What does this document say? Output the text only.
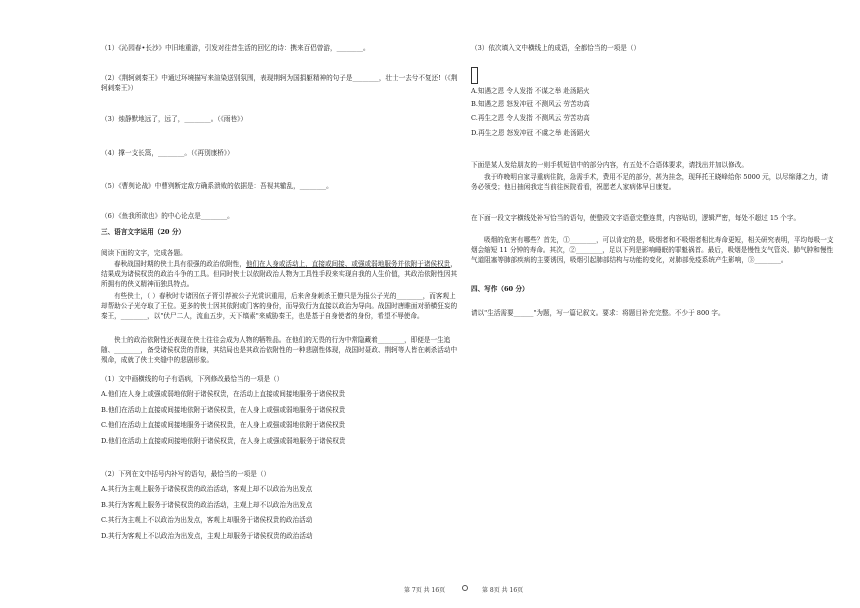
（1）《沁园春•长沙》中旧地重游，引发对往昔生活的回忆的诗：携来百侣曾游，________。
（2）《荆轲刺秦王》中通过环境描写来渲染送别氛围，表现荆轲为国捐躯精神的句子是________，壮士一去兮不复还!（《荆轲刺秦王》）
（3）烛静默地远了，远了，________。（《雨巷》）
（4）撑一支长篙，________。（《再别康桥》）
（5）《曹刿论战》中曹刿断定敌方确系溃败的依据是：吾视其辙乱，________。
（6）《鱼我所欲也》的中心论点是________。
三、语言文字运用（20 分）
阅读下面的文字，完成各题。
春秋战国时期的侠士具有很强的政治依附性，他们在人身或活动上，直接或间接、或强或弱地服务并依附于诸侯权贵，结果成为诸侯权贵的政治斗争的工具。但同时侠士以依附政治人物为工具性手段来实现自我的人生价值，其政治依附性因其所拥有的侠义精神而独具特点。
有些侠士，（ ）春秋时专诸因伍子胥引荐被公子光赏识重用，后来舍身刺杀王僚只是为报公子光的________，而客观上却帮助公子光夺取了王位。更多的侠士因其依附或门客的身份，而导致行为直接以政治为导向。战国时唐睢面对骄横狂妄的秦王，________，以"伏尸二人，流血五步，天下缟素"来威胁秦王，也是基于自身使者的身份，希望不辱使命。
侠士的政治依附性还表现在侠士往往会成为人物的牺牲品。在他们的无畏的行为中常隐藏着________，即便是一生追随、________，备受诸侯权贵的青睐，其结局也是其政治依附性的一种悲剧性体现，战国时聂政、荆轲等人皆在刺杀活动中殒命，成就了侠士夹缝中的悲剧形象。
（1）文中画横线的句子有语病，下列修改最恰当的一项是（）
A.他们在人身上或强或弱地依附于诸侯权贵，在活动上直接或间接地服务于诸侯权贵
B.他们在活动上直接或间接地依附于诸侯权贵，在人身上或强或弱地服务于诸侯权贵
C.他们在活动上直接或间接地服务于诸侯权贵，在人身上或强或弱地依附于诸侯权贵
D.他们在活动上直接或间接地依附于诸侯权贵，在人身上或强或弱地服务于诸侯权贵
（2）下列在文中括号内补写的语句，最恰当的一项是（）
A.其行为主观上服务于诸侯权贵的政治活动，客观上却不以政治为出发点
B.其行为客观上服务于诸侯权贵的政治活动，主观上却不以政治为出发点
C.其行为主观上不以政治为出发点，客观上却服务于诸侯权贵的政治活动
D.其行为客观上不以政治为出发点，主观上却服务于诸侯权贵的政治活动
（3）依次填入文中横线上的成语，全都恰当的一项是（）
A.知遇之恩 令人发指 不谋之举 赴汤蹈火
B.知遇之恩 怒发冲冠 不测风云 劳苦功高
C.再生之恩 令人发指 不测风云 劳苦功高
D.再生之恩 怒发冲冠 不虞之举 赴汤蹈火
下面是某人发给朋友的一则手机短信中的部分内容，有五处不合语体要求，请找出并加以修改。
我于昨晚明自家寻重病住院，急需手术，费用不足的部分，甚为挂念，现拜托王晓峰给你 5000 元，以尽绵薄之力，请务必领受；他日抽闲我定当前往医院看看，祝愿老人家病体早日康复。
在下面一段文字横线处补写恰当的语句，使整段文字语意完整连贯，内容贴切，逻辑严密，每处不超过 15 个字。
吸烟的危害有哪些？首先，①________，可以肯定的是，吸烟者和不吸烟者相比寿命更短，相关研究表明，平均每吸一支烟会缩短 11 分钟的寿命。其次，②________，足以下列是影响睡眠的罪魁祸首。最后，吸烟是慢性支气管炎、肺气肿和慢性气道阻塞等肺部疾病的主要诱因，吸烟引起肺部结构与功能的变化，对肺部免疫系统产生影响，③________。
四、写作（60 分）
请以"生活需要______"为题，写一篇记叙文。要求：将题目补充完整。不少于 800 字。
第 7页 共 16页	第 8页 共 16页
